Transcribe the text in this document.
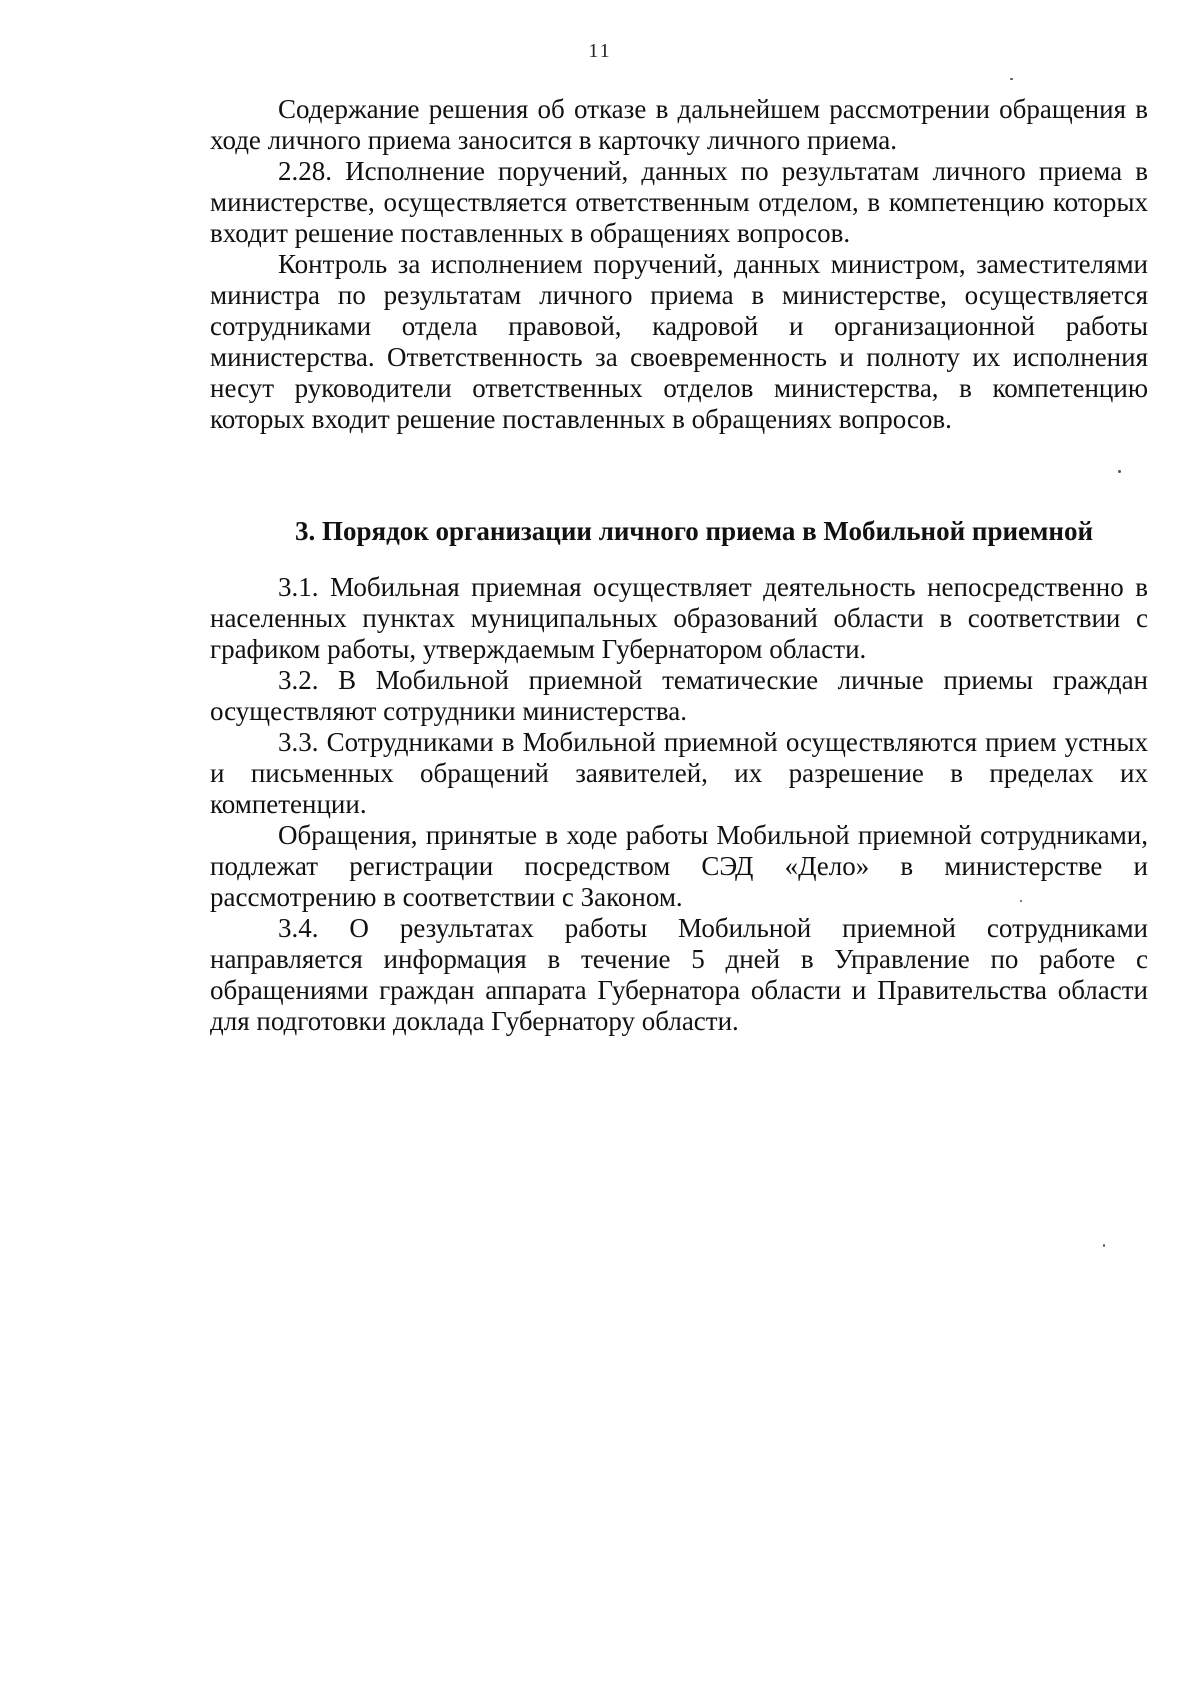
11

Содержание решения об отказе в дальнейшем рассмотрении обращения в ходе личного приема заносится в карточку личного приема.

2.28. Исполнение поручений, данных по результатам личного приема в министерстве, осуществляется ответственным отделом, в компетенцию которых входит решение поставленных в обращениях вопросов.

Контроль за исполнением поручений, данных министром, заместителями министра по результатам личного приема в министерстве, осуществляется сотрудниками отдела правовой, кадровой и организационной работы министерства. Ответственность за своевременность и полноту их исполнения несут руководители ответственных отделов министерства, в компетенцию которых входит решение поставленных в обращениях вопросов.

3. Порядок организации личного приема в Мобильной приемной

3.1. Мобильная приемная осуществляет деятельность непосредственно в населенных пунктах муниципальных образований области в соответствии с графиком работы, утверждаемым Губернатором области.

3.2. В Мобильной приемной тематические личные приемы граждан осуществляют сотрудники министерства.

3.3. Сотрудниками в Мобильной приемной осуществляются прием устных и письменных обращений заявителей, их разрешение в пределах их компетенции.

Обращения, принятые в ходе работы Мобильной приемной сотрудниками, подлежат регистрации посредством СЭД «Дело» в министерстве и рассмотрению в соответствии с Законом.

3.4. О результатах работы Мобильной приемной сотрудниками направляется информация в течение 5 дней в Управление по работе с обращениями граждан аппарата Губернатора области и Правительства области для подготовки доклада Губернатору области.
